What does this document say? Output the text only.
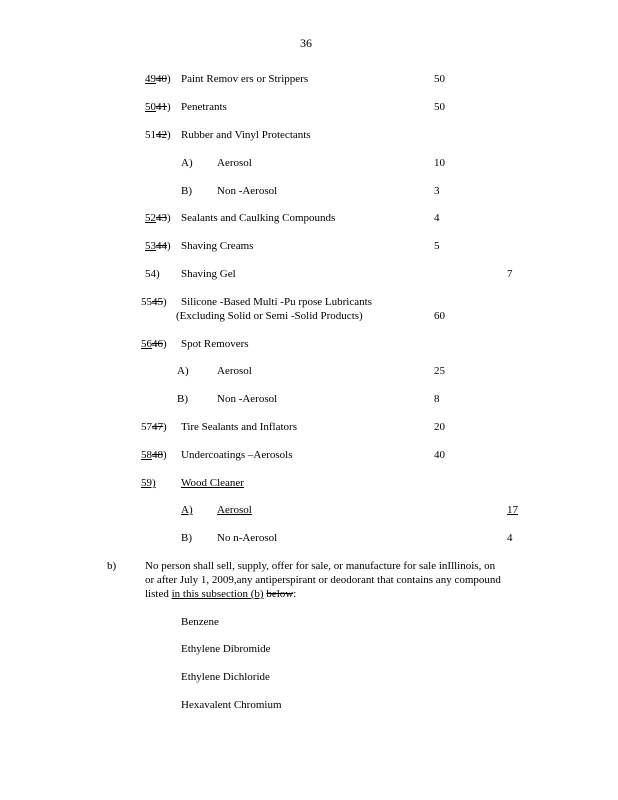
36
4940) Paint Remov ers or Strippers	50
5041) Penetrants	50
5142) Rubber and Vinyl Protectants
A) Aerosol	10
B) Non -Aerosol	3
5243) Sealants and Caulking Compounds	4
5344) Shaving Creams	5
54) Shaving Gel	7
5545) Silicone -Based Multi -Pu rpose Lubricants
(Excluding Solid or Semi -Solid Products)	60
5646) Spot Removers
A)	Aerosol	25
B)	Non -Aerosol	8
5747) Tire Sealants and Inflators	20
5848) Undercoatings –Aerosols	40
59) Wood Cleaner
A) Aerosol	17
B) No n-Aerosol	4
b)	No person shall sell, supply, offer for sale, or manufacture for sale inIllinois, on
or after July 1, 2009,any antiperspirant or deodorant that contains any compound
listed in this subsection (b) below:
Benzene
Ethylene Dibromide
Ethylene Dichloride
Hexavalent Chromium
